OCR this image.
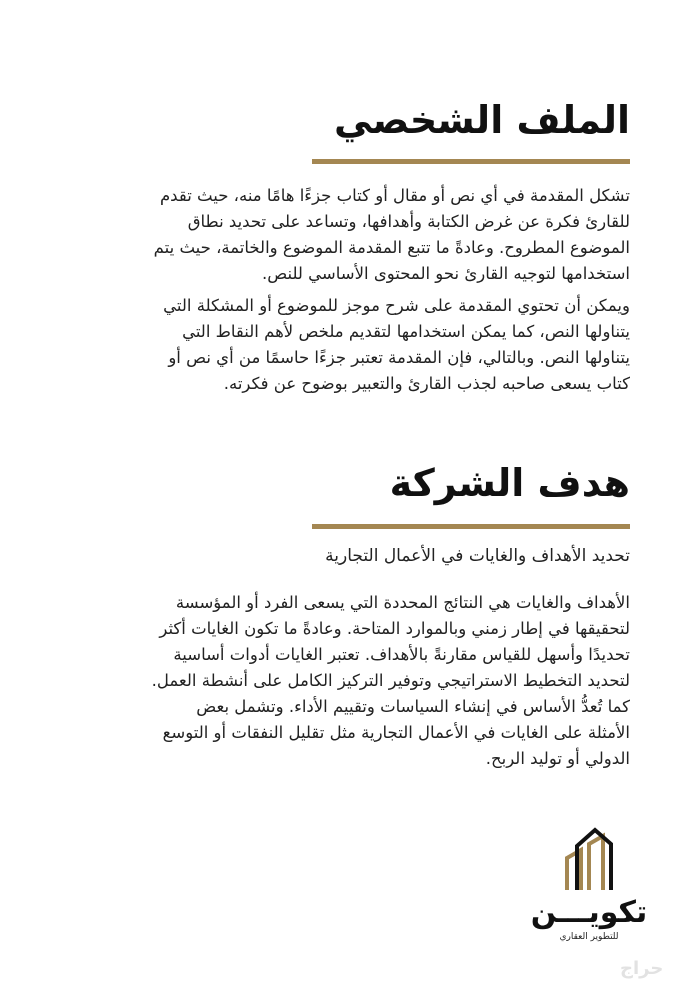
الملف الشخصي

تشكل المقدمة في أي نص أو مقال أو كتاب جزءًا هامًا منه، حيث تقدم للقارئ فكرة عن غرض الكتابة وأهدافها، وتساعد على تحديد نطاق الموضوع المطروح. وعادةً ما تتبع المقدمة الموضوع والخاتمة، حيث يتم استخدامها لتوجيه القارئ نحو المحتوى الأساسي للنص.

ويمكن أن تحتوي المقدمة على شرح موجز للموضوع أو المشكلة التي يتناولها النص، كما يمكن استخدامها لتقديم ملخص لأهم النقاط التي يتناولها النص. وبالتالي، فإن المقدمة تعتبر جزءًا حاسمًا من أي نص أو كتاب يسعى صاحبه لجذب القارئ والتعبير بوضوح عن فكرته.

هدف الشركة

تحديد الأهداف والغايات في الأعمال التجارية

الأهداف والغايات هي النتائج المحددة التي يسعى الفرد أو المؤسسة لتحقيقها في إطار زمني وبالموارد المتاحة. وعادةً ما تكون الغايات أكثر تحديدًا وأسهل للقياس مقارنةً بالأهداف. تعتبر الغايات أدوات أساسية لتحديد التخطيط الاستراتيجي وتوفير التركيز الكامل على أنشطة العمل. كما تُعدُّ الأساس في إنشاء السياسات وتقييم الأداء. وتشمل بعض الأمثلة على الغايات في الأعمال التجارية مثل تقليل النفقات أو التوسع الدولي أو توليد الربح.

تكويـــن
للتطوير العقاري
حراج
